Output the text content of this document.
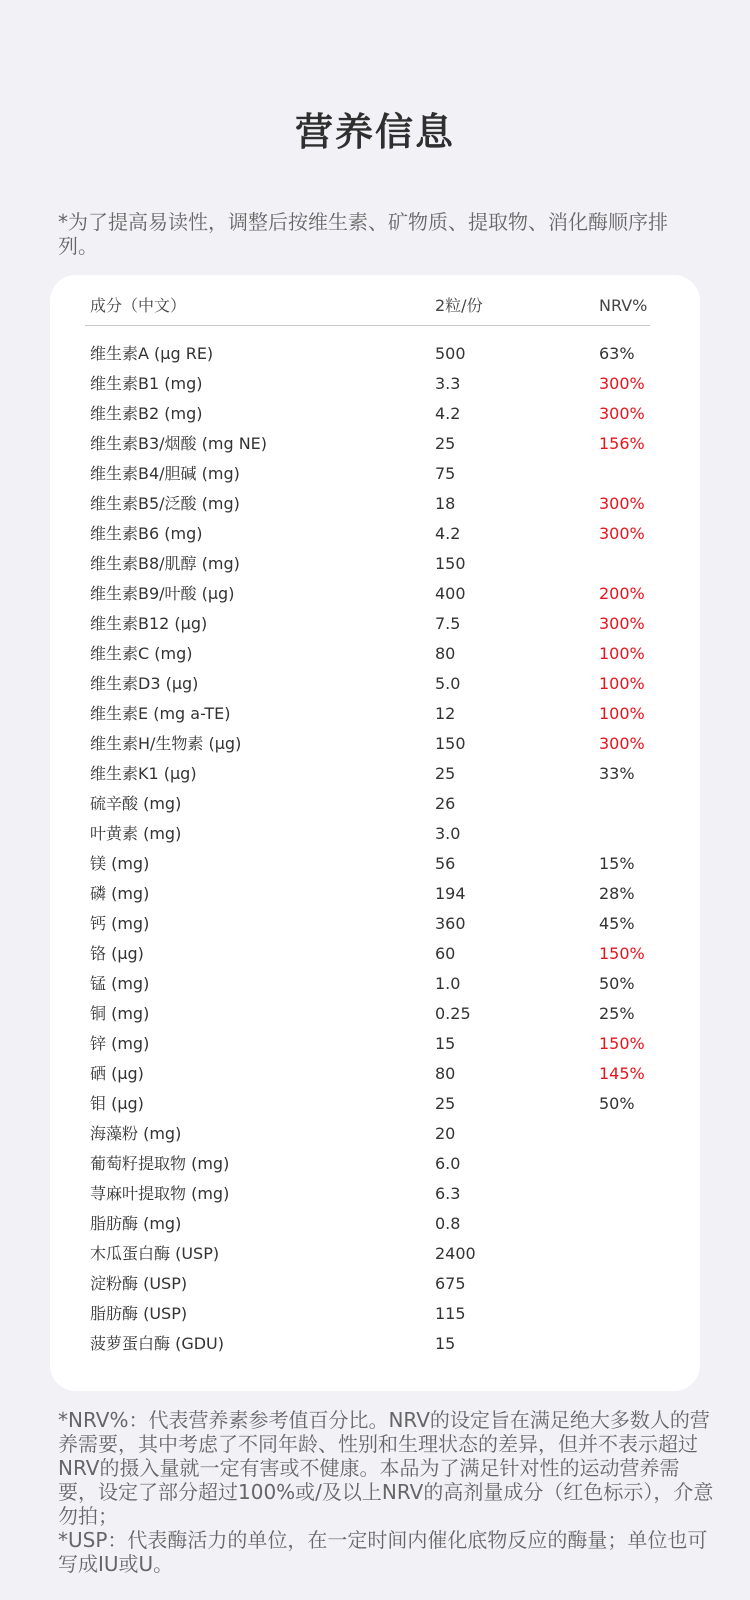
营养信息
*为了提高易读性，调整后按维生素、矿物质、提取物、消化酶顺序排列。
成分（中文）	2粒/份	NRV%
维生素A (μg RE)	500	63%
维生素B1 (mg)	3.3	300%
维生素B2 (mg)	4.2	300%
维生素B3/烟酸 (mg NE)	25	156%
维生素B4/胆碱 (mg)	75
维生素B5/泛酸 (mg)	18	300%
维生素B6 (mg)	4.2	300%
维生素B8/肌醇 (mg)	150
维生素B9/叶酸 (μg)	400	200%
维生素B12 (μg)	7.5	300%
维生素C (mg)	80	100%
维生素D3 (μg)	5.0	100%
维生素E (mg a-TE)	12	100%
维生素H/生物素 (μg)	150	300%
维生素K1 (μg)	25	33%
硫辛酸 (mg)	26
叶黄素 (mg)	3.0
镁 (mg)	56	15%
磷 (mg)	194	28%
钙 (mg)	360	45%
铬 (μg)	60	150%
锰 (mg)	1.0	50%
铜 (mg)	0.25	25%
锌 (mg)	15	150%
硒 (μg)	80	145%
钼 (μg)	25	50%
海藻粉 (mg)	20
葡萄籽提取物 (mg)	6.0
荨麻叶提取物 (mg)	6.3
脂肪酶 (mg)	0.8
木瓜蛋白酶 (USP)	2400
淀粉酶 (USP)	675
脂肪酶 (USP)	115
菠萝蛋白酶 (GDU)	15

*NRV%：代表营养素参考值百分比。NRV的设定旨在满足绝大多数人的营养需要，其中考虑了不同年龄、性别和生理状态的差异，但并不表示超过NRV的摄入量就一定有害或不健康。本品为了满足针对性的运动营养需要，设定了部分超过100%或/及以上NRV的高剂量成分（红色标示），介意勿拍；

*USP：代表酶活力的单位，在一定时间内催化底物反应的酶量；单位也可写成IU或U。
